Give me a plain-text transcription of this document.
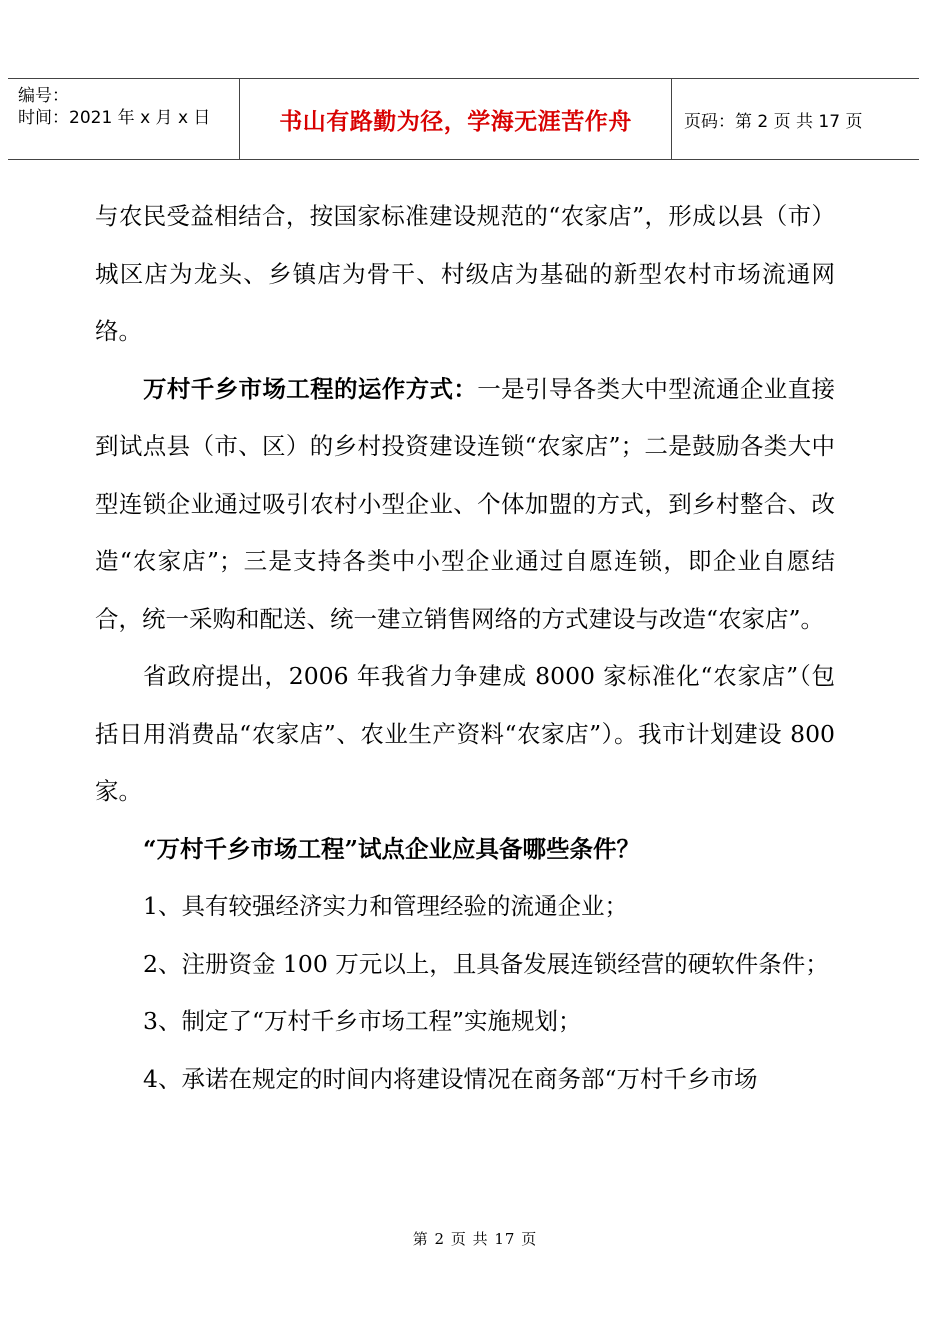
编号：
时间：2021 年 x 月 x 日	书山有路勤为径，学海无涯苦作舟	页码：第 2 页 共 17 页

与农民受益相结合，按国家标准建设规范的“农家店”，形成以县（市）城区店为龙头、乡镇店为骨干、村级店为基础的新型农村市场流通网络。

万村千乡市场工程的运作方式：一是引导各类大中型流通企业直接到试点县（市、区）的乡村投资建设连锁“农家店”；二是鼓励各类大中型连锁企业通过吸引农村小型企业、个体加盟的方式，到乡村整合、改造“农家店”；三是支持各类中小型企业通过自愿连锁，即企业自愿结合，统一采购和配送、统一建立销售网络的方式建设与改造“农家店”。

省政府提出，2006 年我省力争建成 8000 家标准化“农家店”（包括日用消费品“农家店”、农业生产资料“农家店”）。我市计划建设 800 家。

“万村千乡市场工程”试点企业应具备哪些条件？

1、具有较强经济实力和管理经验的流通企业；

2、注册资金 100 万元以上，且具备发展连锁经营的硬软件条件；

3、制定了“万村千乡市场工程”实施规划；

4、承诺在规定的时间内将建设情况在商务部“万村千乡市场

第 2 页 共 17 页
